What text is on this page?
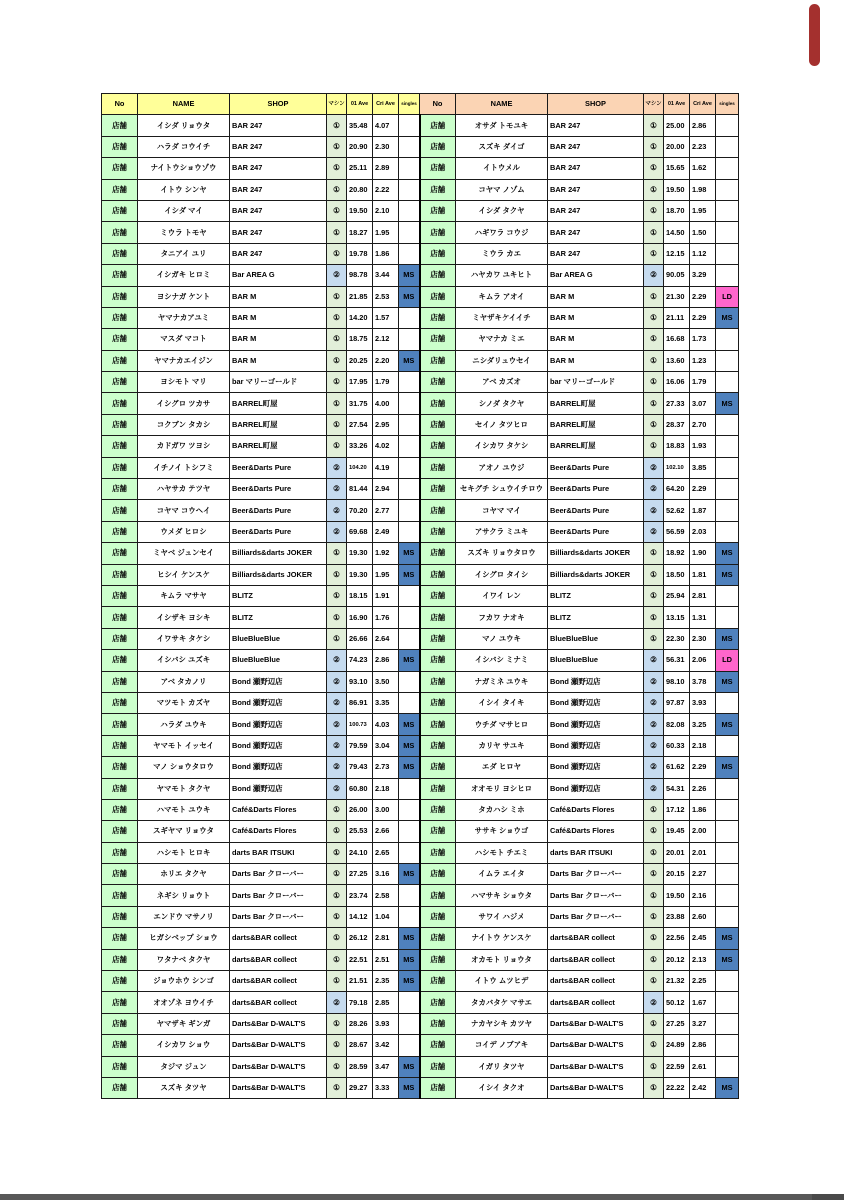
No	NAME	SHOP	マシン	01 Ave	Cri Ave	singles	No	NAME	SHOP	マシン	01 Ave	Cri Ave	singles
店舗	イシダ リョウタ	BAR 247	①	35.48	4.07		店舗	オサダ トモユキ	BAR 247	①	25.00	2.86	
店舗	ハラダ コウイチ	BAR 247	①	20.90	2.30		店舗	スズキ ダイゴ	BAR 247	①	20.00	2.23	
店舗	ナイトウショウゾウ	BAR 247	①	25.11	2.89		店舗	イトウメル	BAR 247	①	15.65	1.62	
店舗	イトウ シンヤ	BAR 247	①	20.80	2.22		店舗	コヤマ ノゾム	BAR 247	①	19.50	1.98	
店舗	イシダ マイ	BAR 247	①	19.50	2.10		店舗	イシダ タクヤ	BAR 247	①	18.70	1.95	
店舗	ミウラ トモヤ	BAR 247	①	18.27	1.95		店舗	ハギワラ コウジ	BAR 247	①	14.50	1.50	
店舗	タニアイ ユリ	BAR 247	①	19.78	1.86		店舗	ミウラ カエ	BAR 247	①	12.15	1.12	
店舗	イシガキ ヒロミ	Bar AREA G	②	98.78	3.44	MS	店舗	ハヤカワ ユキヒト	Bar AREA G	②	90.05	3.29	
店舗	ヨシナガ ケント	BAR M	①	21.85	2.53	MS	店舗	キムラ アオイ	BAR M	①	21.30	2.29	LD
店舗	ヤマナカアユミ	BAR M	①	14.20	1.57		店舗	ミヤザキケイイチ	BAR M	①	21.11	2.29	MS
店舗	マスダ マコト	BAR M	①	18.75	2.12		店舗	ヤマナカ ミエ	BAR M	①	16.68	1.73	
店舗	ヤマナカエイジン	BAR M	①	20.25	2.20	MS	店舗	ニシダリュウセイ	BAR M	①	13.60	1.23	
店舗	ヨシモト マリ	bar マリーゴールド	①	17.95	1.79		店舗	アベ カズオ	bar マリーゴールド	①	16.06	1.79	
店舗	イシグロ ツカサ	BARREL町屋	①	31.75	4.00		店舗	シノダ タクヤ	BARREL町屋	①	27.33	3.07	MS
店舗	コクブン タカシ	BARREL町屋	①	27.54	2.95		店舗	セイノ タツヒロ	BARREL町屋	①	28.37	2.70	
店舗	カドガワ ツヨシ	BARREL町屋	①	33.26	4.02		店舗	イシカワ タケシ	BARREL町屋	①	18.83	1.93	
店舗	イチノイ トシフミ	Beer&Darts Pure	②	104.20	4.19		店舗	アオノ ユウジ	Beer&Darts Pure	②	102.10	3.85	
店舗	ハヤサカ テツヤ	Beer&Darts Pure	②	81.44	2.94		店舗	セキグチ シュウイチロウ	Beer&Darts Pure	②	64.20	2.29	
店舗	コヤマ コウヘイ	Beer&Darts Pure	②	70.20	2.77		店舗	コヤマ マイ	Beer&Darts Pure	②	52.62	1.87	
店舗	ウメダ ヒロシ	Beer&Darts Pure	②	69.68	2.49		店舗	アサクラ ミユキ	Beer&Darts Pure	②	56.59	2.03	
店舗	ミヤベ ジュンセイ	Billiards&darts JOKER	①	19.30	1.92	MS	店舗	スズキ リョウタロウ	Billiards&darts JOKER	①	18.92	1.90	MS
店舗	ヒシイ ケンスケ	Billiards&darts JOKER	①	19.30	1.95	MS	店舗	イシグロ タイシ	Billiards&darts JOKER	①	18.50	1.81	MS
店舗	キムラ マサヤ	BLITZ	①	18.15	1.91		店舗	イワイ レン	BLITZ	①	25.94	2.81	
店舗	イシザキ ヨシキ	BLITZ	①	16.90	1.76		店舗	フカワ ナオキ	BLITZ	①	13.15	1.31	
店舗	イワサキ タケシ	BlueBlueBlue	①	26.66	2.64		店舗	マノ ユウキ	BlueBlueBlue	①	22.30	2.30	MS
店舗	イシバシ ユズキ	BlueBlueBlue	②	74.23	2.86	MS	店舗	イシバシ ミナミ	BlueBlueBlue	②	56.31	2.06	LD
店舗	アベ タカノリ	Bond 瀬野辺店	②	93.10	3.50		店舗	ナガミネ ユウキ	Bond 瀬野辺店	②	98.10	3.78	MS
店舗	マツモト カズヤ	Bond 瀬野辺店	②	86.91	3.35		店舗	イシイ タイキ	Bond 瀬野辺店	②	97.87	3.93	
店舗	ハラダ ユウキ	Bond 瀬野辺店	②	100.73	4.03	MS	店舗	ウチダ マサヒロ	Bond 瀬野辺店	②	82.08	3.25	MS
店舗	ヤマモト イッセイ	Bond 瀬野辺店	②	79.59	3.04	MS	店舗	カリヤ サユキ	Bond 瀬野辺店	②	60.33	2.18	
店舗	マノ ショウタロウ	Bond 瀬野辺店	②	79.43	2.73	MS	店舗	エダ ヒロヤ	Bond 瀬野辺店	②	61.62	2.29	MS
店舗	ヤマモト タクヤ	Bond 瀬野辺店	②	60.80	2.18		店舗	オオモリ ヨシヒロ	Bond 瀬野辺店	②	54.31	2.26	
店舗	ハマモト ユウキ	Café&Darts Flores	①	26.00	3.00		店舗	タカハシ ミホ	Café&Darts Flores	①	17.12	1.86	
店舗	スギヤマ リョウタ	Café&Darts Flores	①	25.53	2.66		店舗	ササキ ショウゴ	Café&Darts Flores	①	19.45	2.00	
店舗	ハシモト ヒロキ	darts BAR ITSUKI	①	24.10	2.65		店舗	ハシモト チエミ	darts BAR ITSUKI	①	20.01	2.01	
店舗	ホリエ タクヤ	Darts Bar クローバー	①	27.25	3.16	MS	店舗	イムラ エイタ	Darts Bar クローバー	①	20.15	2.27	
店舗	ネギシ リョウト	Darts Bar クローバー	①	23.74	2.58		店舗	ハマサキ ショウタ	Darts Bar クローバー	①	19.50	2.16	
店舗	エンドウ マサノリ	Darts Bar クローバー	①	14.12	1.04		店舗	サワイ ハジメ	Darts Bar クローバー	①	23.88	2.60	
店舗	ヒガシベップ ショウ	darts&BAR collect	①	26.12	2.81	MS	店舗	ナイトウ ケンスケ	darts&BAR collect	①	22.56	2.45	MS
店舗	ワタナベ タクヤ	darts&BAR collect	①	22.51	2.51	MS	店舗	オカモト リョウタ	darts&BAR collect	①	20.12	2.13	MS
店舗	ジョウホウ シンゴ	darts&BAR collect	①	21.51	2.35	MS	店舗	イトウ ムツヒデ	darts&BAR collect	①	21.32	2.25	
店舗	オオゾネ ヨウイチ	darts&BAR collect	②	79.18	2.85		店舗	タカバタケ マサエ	darts&BAR collect	②	50.12	1.67	
店舗	ヤマザキ ギンガ	Darts&Bar D-WALT'S	①	28.26	3.93		店舗	ナカヤシキ カツヤ	Darts&Bar D-WALT'S	①	27.25	3.27	
店舗	イシカワ ショウ	Darts&Bar D-WALT'S	①	28.67	3.42		店舗	コイデ ノブアキ	Darts&Bar D-WALT'S	①	24.89	2.86	
店舗	タジマ ジュン	Darts&Bar D-WALT'S	①	28.59	3.47	MS	店舗	イガリ タツヤ	Darts&Bar D-WALT'S	①	22.59	2.61	
店舗	スズキ タツヤ	Darts&Bar D-WALT'S	①	29.27	3.33	MS	店舗	イシイ タクオ	Darts&Bar D-WALT'S	①	22.22	2.42	MS
